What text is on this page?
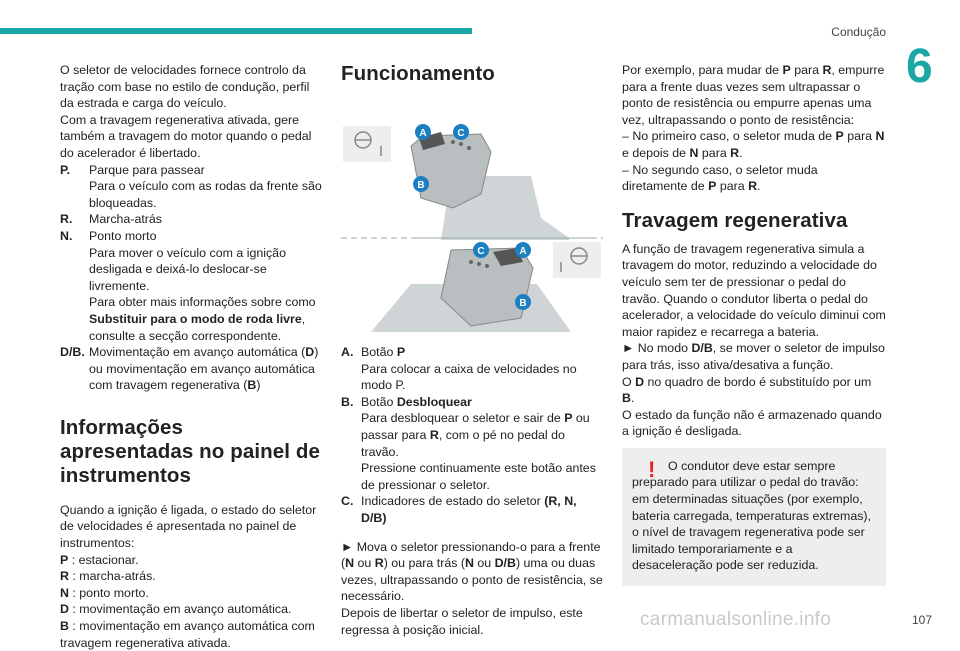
Condução
6

O seletor de velocidades fornece controlo da tração com base no estilo de condução, perfil da estrada e carga do veículo.

Com a travagem regenerativa ativada, gere também a travagem do motor quando o pedal do acelerador é libertado.

P.	Parque para passear
Para o veículo com as rodas da frente são bloqueadas.
R.	Marcha-atrás
N.	Ponto morto
Para mover o veículo com a ignição desligada e deixá-lo deslocar-se livremente.
Para obter mais informações sobre como Substituir para o modo de roda livre, consulte a secção correspondente.
D/B. Movimentação em avanço automática (D) ou movimentação em avanço automática com travagem regenerativa (B)
Informações apresentadas no painel de instrumentos

Quando a ignição é ligada, o estado do seletor de velocidades é apresentada no painel de instrumentos:

P : estacionar.
R : marcha-atrás.
N : ponto morto.
D : movimentação em avanço automática.
B : movimentação em avanço automática com travagem regenerativa ativada.
Funcionamento
A	C
B
C	A
B
A. Botão P
Para colocar a caixa de velocidades no modo P.
B. Botão Desbloquear
Para desbloquear o seletor e sair de P ou passar para R, com o pé no pedal do travão.
Pressione continuamente este botão antes de pressionar o seletor.
C. Indicadores de estado do seletor (R, N, D/B)

► Mova o seletor pressionando-o para a frente (N ou R) ou para trás (N ou D/B) uma ou duas vezes, ultrapassando o ponto de resistência, se necessário.

Depois de libertar o seletor de impulso, este regressa à posição inicial.

Por exemplo, para mudar de P para R, empurre para a frente duas vezes sem ultrapassar o ponto de resistência ou empurre apenas uma vez, ultrapassando o ponto de resistência:

– No primeiro caso, o seletor muda de P para N e depois de N para R.

– No segundo caso, o seletor muda diretamente de P para R.

Travagem regenerativa

A função de travagem regenerativa simula a travagem do motor, reduzindo a velocidade do veículo sem ter de pressionar o pedal do travão. Quando o condutor liberta o pedal do acelerador, a velocidade do veículo diminui com maior rapidez e recarrega a bateria.

► No modo D/B, se mover o seletor de impulso para trás, isso ativa/desativa a função.

O D no quadro de bordo é substituído por um B.

O estado da função não é armazenado quando a ignição é desligada.

!	O condutor deve estar sempre preparado para utilizar o pedal do travão: em determinadas situações (por exemplo, bateria carregada, temperaturas extremas), o nível de travagem regenerativa pode ser limitado temporariamente e a desaceleração pode ser reduzida.

carmanualsonline.info	107
